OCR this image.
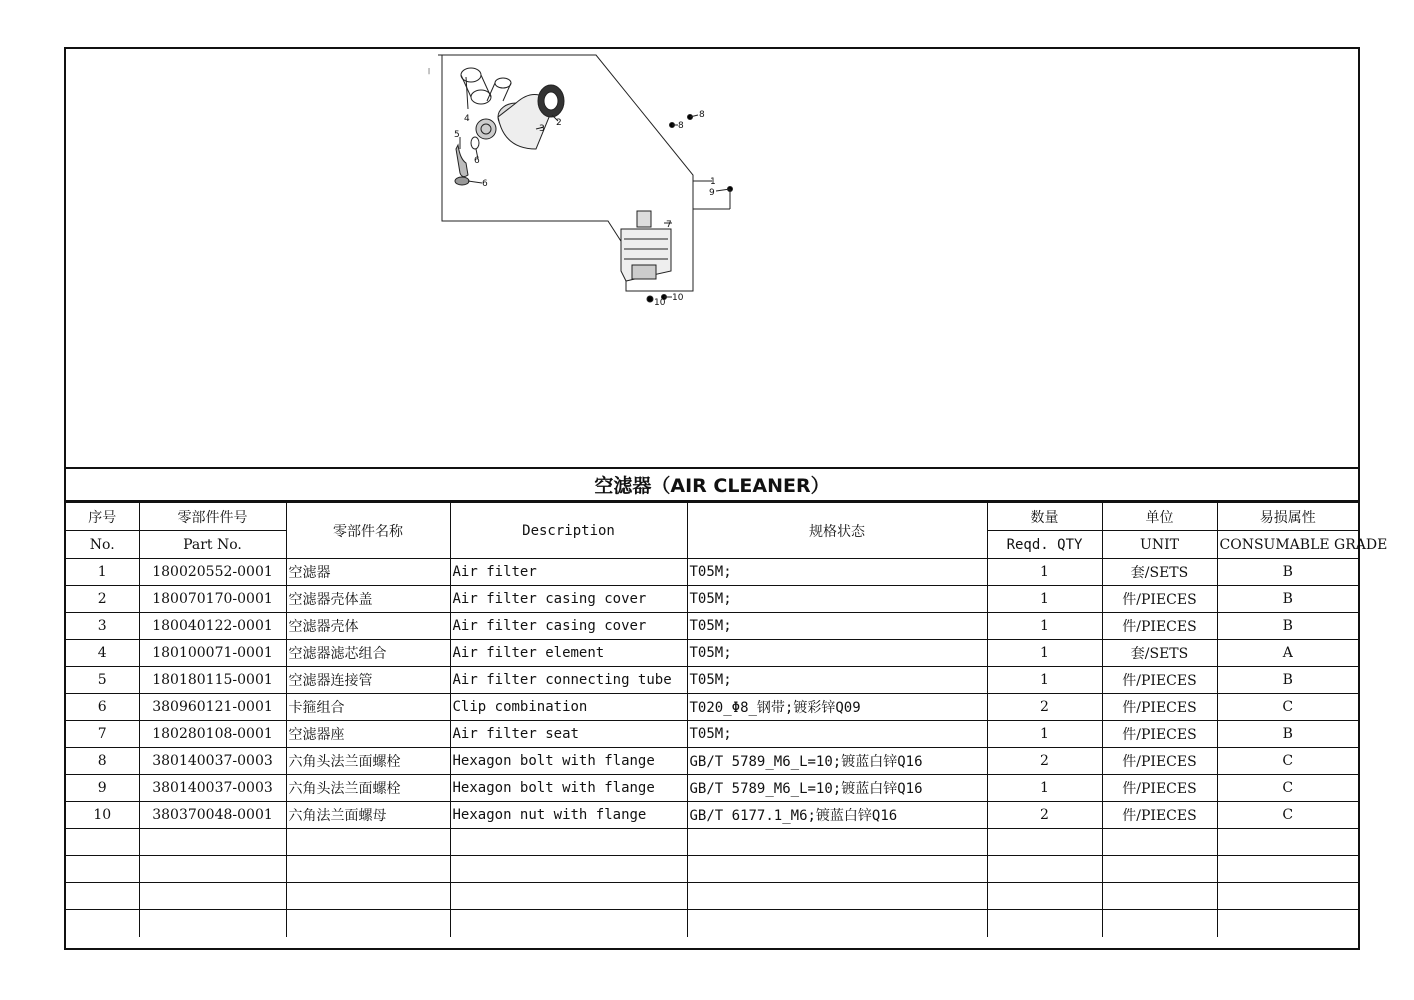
4	2
3
5
6
6
7
8
8
1
9
10
10
|
空滤器（AIR CLEANER）
序号	零部件件号	零部件名称	Description	规格状态	数量	单位	易损属性
No.	Part No.				Reqd. QTY	UNIT	CONSUMABLE GRADE
1	180020552-0001	空滤器	Air filter	T05M;	1	套/SETS	B
2	180070170-0001	空滤器壳体盖	Air filter casing cover	T05M;	1	件/PIECES	B
3	180040122-0001	空滤器壳体	Air filter casing cover	T05M;	1	件/PIECES	B
4	180100071-0001	空滤器滤芯组合	Air filter element	T05M;	1	套/SETS	A
5	180180115-0001	空滤器连接管	Air filter connecting tube	T05M;	1	件/PIECES	B
6	380960121-0001	卡箍组合	Clip combination	T020_Φ8_钢带;镀彩锌Q09	2	件/PIECES	C
7	180280108-0001	空滤器座	Air filter seat	T05M;	1	件/PIECES	B
8	380140037-0003	六角头法兰面螺栓	Hexagon bolt with flange	GB/T 5789_M6_L=10;镀蓝白锌Q16	2	件/PIECES	C
9	380140037-0003	六角头法兰面螺栓	Hexagon bolt with flange	GB/T 5789_M6_L=10;镀蓝白锌Q16	1	件/PIECES	C
10	380370048-0001	六角法兰面螺母	Hexagon nut with flange	GB/T 6177.1_M6;镀蓝白锌Q16	2	件/PIECES	C
